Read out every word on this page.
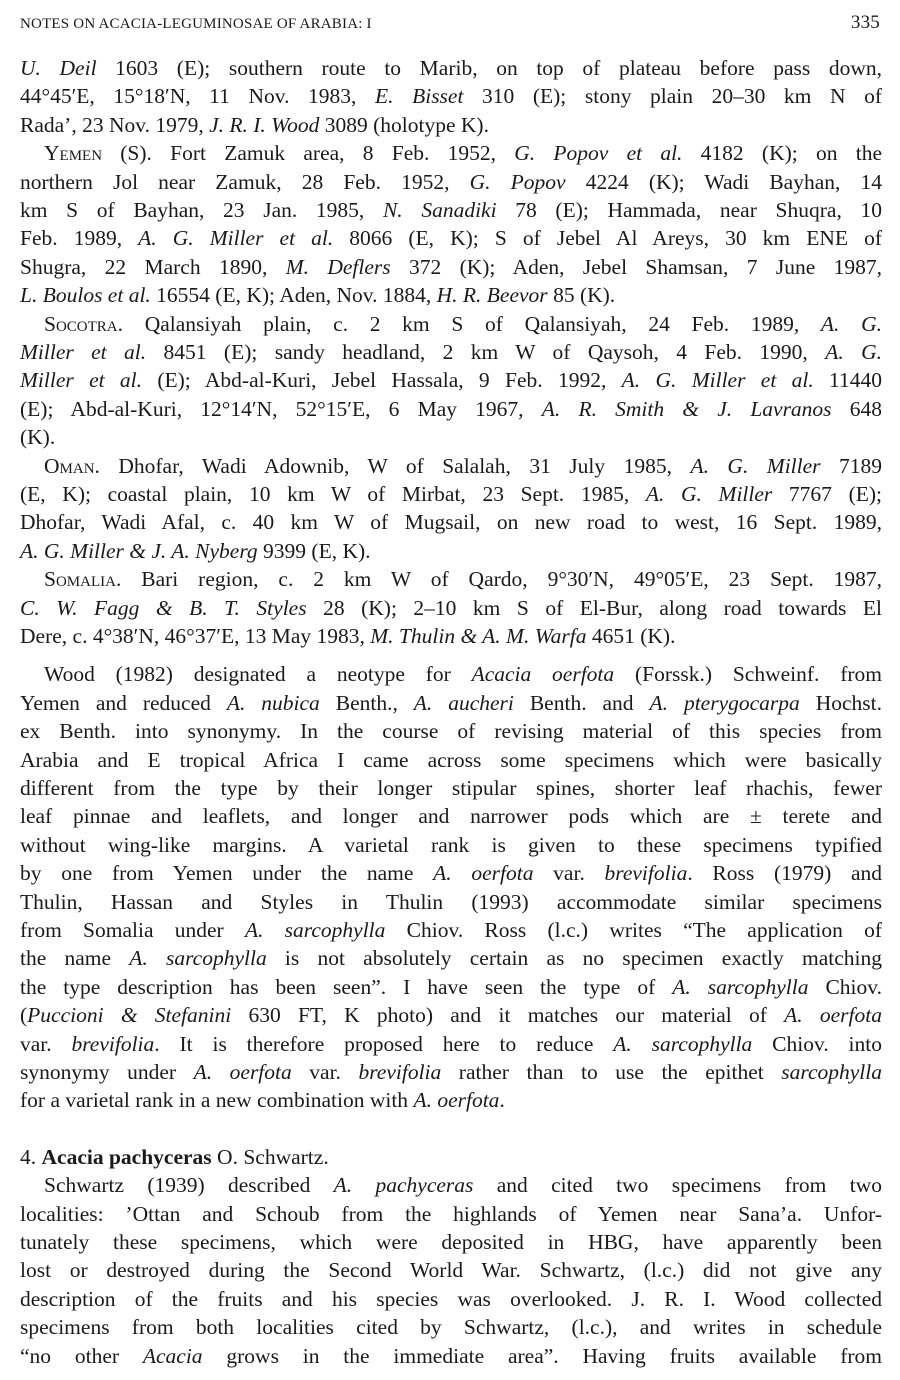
NOTES ON ACACIA-LEGUMINOSAE OF ARABIA: I	335
U. Deil 1603 (E); southern route to Marib, on top of plateau before pass down,
44°45′E, 15°18′N, 11 Nov. 1983, E. Bisset 310 (E); stony plain 20–30 km N of
Rada’, 23 Nov. 1979, J. R. I. Wood 3089 (holotype K).
Yemen (S). Fort Zamuk area, 8 Feb. 1952, G. Popov et al. 4182 (K); on the
northern Jol near Zamuk, 28 Feb. 1952, G. Popov 4224 (K); Wadi Bayhan, 14
km S of Bayhan, 23 Jan. 1985, N. Sanadiki 78 (E); Hammada, near Shuqra, 10
Feb. 1989, A. G. Miller et al. 8066 (E, K); S of Jebel Al Areys, 30 km ENE of
Shugra, 22 March 1890, M. Deflers 372 (K); Aden, Jebel Shamsan, 7 June 1987,
L. Boulos et al. 16554 (E, K); Aden, Nov. 1884, H. R. Beevor 85 (K).
Socotra. Qalansiyah plain, c. 2 km S of Qalansiyah, 24 Feb. 1989, A. G.
Miller et al. 8451 (E); sandy headland, 2 km W of Qaysoh, 4 Feb. 1990, A. G.
Miller et al. (E); Abd-al-Kuri, Jebel Hassala, 9 Feb. 1992, A. G. Miller et al. 11440
(E); Abd-al-Kuri, 12°14′N, 52°15′E, 6 May 1967, A. R. Smith & J. Lavranos 648
(K).
Oman. Dhofar, Wadi Adownib, W of Salalah, 31 July 1985, A. G. Miller 7189
(E, K); coastal plain, 10 km W of Mirbat, 23 Sept. 1985, A. G. Miller 7767 (E);
Dhofar, Wadi Afal, c. 40 km W of Mugsail, on new road to west, 16 Sept. 1989,
A. G. Miller & J. A. Nyberg 9399 (E, K).
Somalia. Bari region, c. 2 km W of Qardo, 9°30′N, 49°05′E, 23 Sept. 1987,
C. W. Fagg & B. T. Styles 28 (K); 2–10 km S of El-Bur, along road towards El
Dere, c. 4°38′N, 46°37′E, 13 May 1983, M. Thulin & A. M. Warfa 4651 (K).
Wood (1982) designated a neotype for Acacia oerfota (Forssk.) Schweinf. from
Yemen and reduced A. nubica Benth., A. aucheri Benth. and A. pterygocarpa Hochst.
ex Benth. into synonymy. In the course of revising material of this species from
Arabia and E tropical Africa I came across some specimens which were basically
different from the type by their longer stipular spines, shorter leaf rhachis, fewer
leaf pinnae and leaflets, and longer and narrower pods which are ± terete and
without wing-like margins. A varietal rank is given to these specimens typified
by one from Yemen under the name A. oerfota var. brevifolia. Ross (1979) and
Thulin, Hassan and Styles in Thulin (1993) accommodate similar specimens
from Somalia under A. sarcophylla Chiov. Ross (l.c.) writes “The application of
the name A. sarcophylla is not absolutely certain as no specimen exactly matching
the type description has been seen”. I have seen the type of A. sarcophylla Chiov.
(Puccioni & Stefanini 630 FT, K photo) and it matches our material of A. oerfota
var. brevifolia. It is therefore proposed here to reduce A. sarcophylla Chiov. into
synonymy under A. oerfota var. brevifolia rather than to use the epithet sarcophylla
for a varietal rank in a new combination with A. oerfota.
4. Acacia pachyceras O. Schwartz.
Schwartz (1939) described A. pachyceras and cited two specimens from two
localities: ’Ottan and Schoub from the highlands of Yemen near Sana’a. Unfor-
tunately these specimens, which were deposited in HBG, have apparently been
lost or destroyed during the Second World War. Schwartz, (l.c.) did not give any
description of the fruits and his species was overlooked. J. R. I. Wood collected
specimens from both localities cited by Schwartz, (l.c.), and writes in schedule
“no other Acacia grows in the immediate area”. Having fruits available from
